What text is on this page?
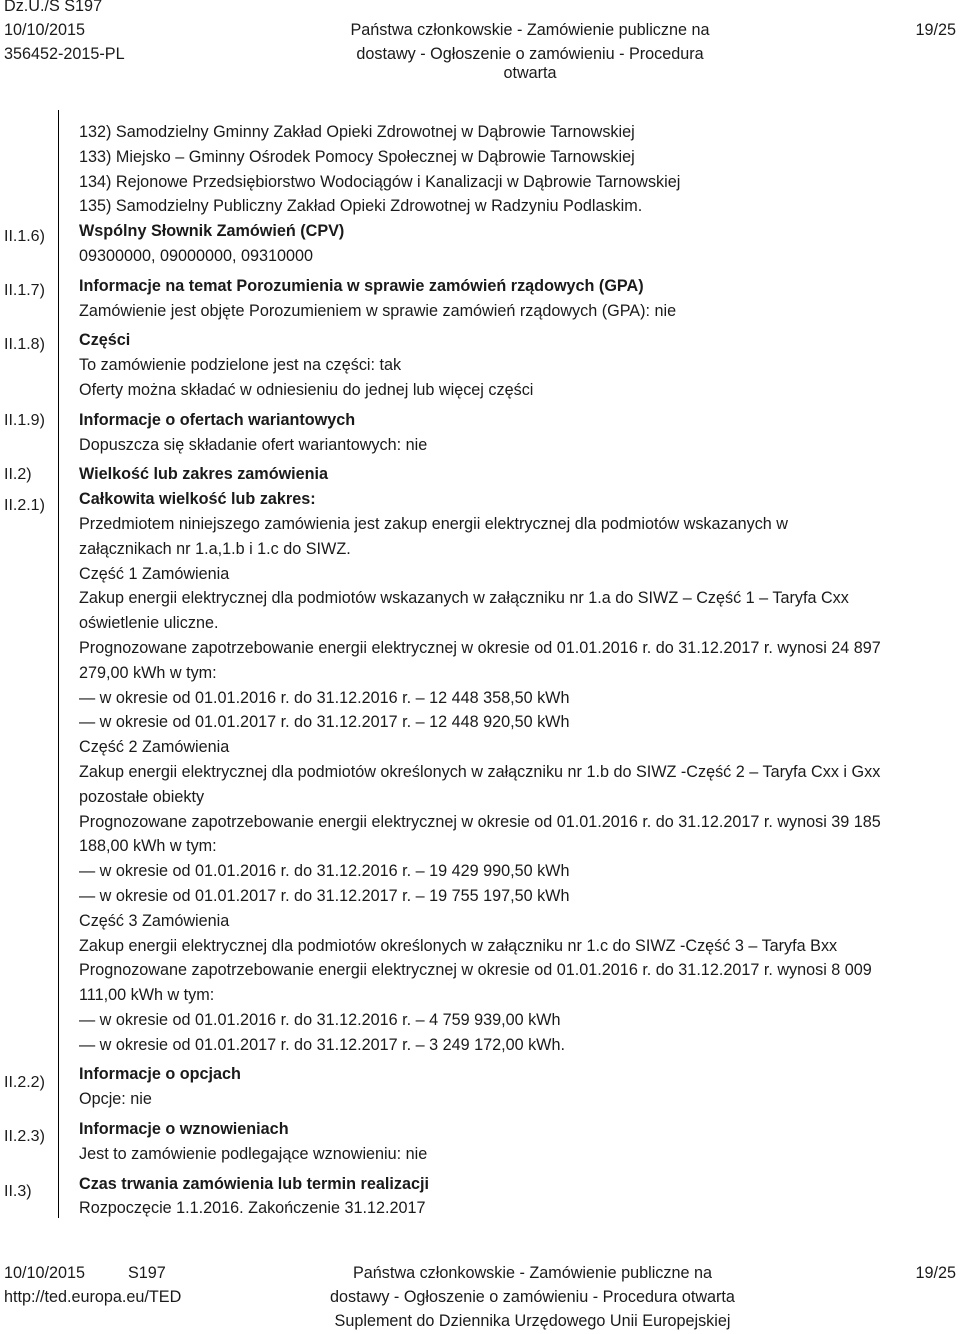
Dz.U./S S197
10/10/2015
356452-2015-PL
Państwa członkowskie - Zamówienie publiczne na
dostawy - Ogłoszenie o zamówieniu - Procedura otwarta
19/25
II.1.6)
II.1.7)
II.1.8)
II.1.9)
II.2)
II.2.1)
II.2.2)
II.2.3)
II.3)

132) Samodzielny Gminny Zakład Opieki Zdrowotnej w Dąbrowie Tarnowskiej

133) Miejsko – Gminny Ośrodek Pomocy Społecznej w Dąbrowie Tarnowskiej

134) Rejonowe Przedsiębiorstwo Wodociągów i Kanalizacji w Dąbrowie Tarnowskiej

135) Samodzielny Publiczny Zakład Opieki Zdrowotnej w Radzyniu Podlaskim.

Wspólny Słownik Zamówień (CPV)

09300000, 09000000, 09310000

Informacje na temat Porozumienia w sprawie zamówień rządowych (GPA)

Zamówienie jest objęte Porozumieniem w sprawie zamówień rządowych (GPA): nie

Części

To zamówienie podzielone jest na części: tak

Oferty można składać w odniesieniu do jednej lub więcej części

Informacje o ofertach wariantowych

Dopuszcza się składanie ofert wariantowych: nie

Wielkość lub zakres zamówienia

Całkowita wielkość lub zakres:

Przedmiotem niniejszego zamówienia jest zakup energii elektrycznej dla podmiotów wskazanych w

załącznikach nr 1.a,1.b i 1.c do SIWZ.

Część 1 Zamówienia

Zakup energii elektrycznej dla podmiotów wskazanych w załączniku nr 1.a do SIWZ – Część 1 – Taryfa Cxx

oświetlenie uliczne.

Prognozowane zapotrzebowanie energii elektrycznej w okresie od 01.01.2016 r. do 31.12.2017 r. wynosi 24 897

279,00 kWh w tym:

— w okresie od 01.01.2016 r. do 31.12.2016 r. – 12 448 358,50 kWh

— w okresie od 01.01.2017 r. do 31.12.2017 r. – 12 448 920,50 kWh

Część 2 Zamówienia

Zakup energii elektrycznej dla podmiotów określonych w załączniku nr 1.b do SIWZ -Część 2 – Taryfa Cxx i Gxx

pozostałe obiekty

Prognozowane zapotrzebowanie energii elektrycznej w okresie od 01.01.2016 r. do 31.12.2017 r. wynosi 39 185

188,00 kWh w tym:

— w okresie od 01.01.2016 r. do 31.12.2016 r. – 19 429 990,50 kWh

— w okresie od 01.01.2017 r. do 31.12.2017 r. – 19 755 197,50 kWh

Część 3 Zamówienia

Zakup energii elektrycznej dla podmiotów określonych w załączniku nr 1.c do SIWZ -Część 3 – Taryfa Bxx

Prognozowane zapotrzebowanie energii elektrycznej w okresie od 01.01.2016 r. do 31.12.2017 r. wynosi 8 009

111,00 kWh w tym:

— w okresie od 01.01.2016 r. do 31.12.2016 r. – 4 759 939,00 kWh

— w okresie od 01.01.2017 r. do 31.12.2017 r. – 3 249 172,00 kWh.

Informacje o opcjach

Opcje: nie

Informacje o wznowieniach

Jest to zamówienie podlegające wznowieniu: nie

Czas trwania zamówienia lub termin realizacji

Rozpoczęcie 1.1.2016. Zakończenie 31.12.2017

10/10/2015	S197
http://ted.europa.eu/TED
Państwa członkowskie - Zamówienie publiczne na
dostawy - Ogłoszenie o zamówieniu - Procedura otwarta
Suplement do Dziennika Urzędowego Unii Europejskiej
19/25
